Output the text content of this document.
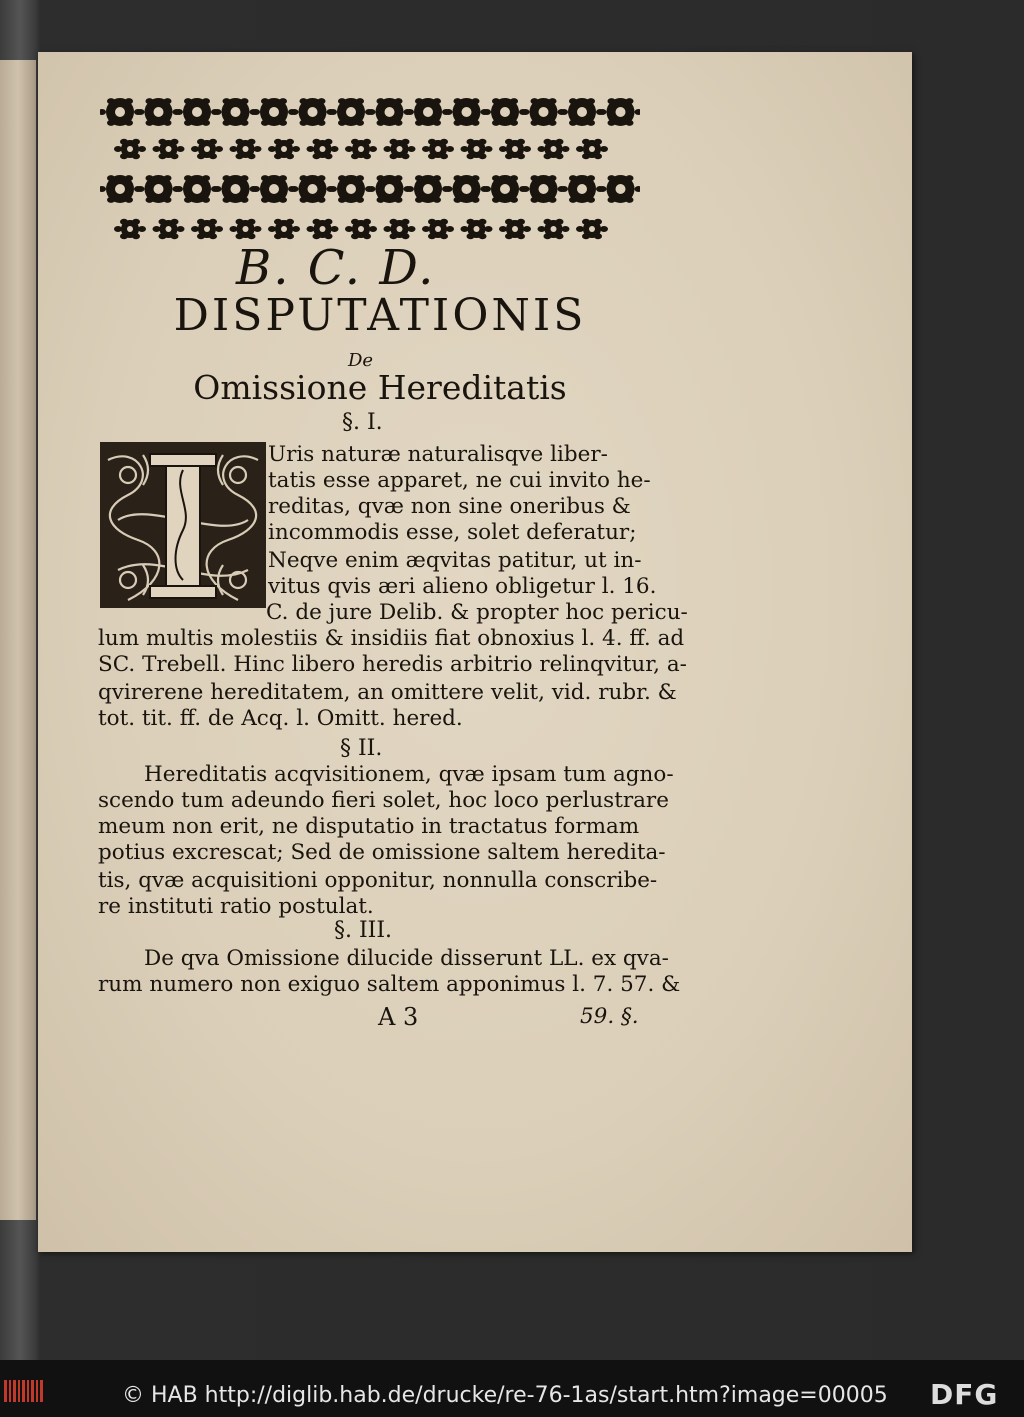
B. C. D.
DISPUTATIONIS
De
Omissione Hereditatis
§. I.
Uris naturæ naturalisqve liber-
tatis esse apparet, ne cui invito he-
reditas, qvæ non sine oneribus &
incommodis esse, solet deferatur;
Neqve enim æqvitas patitur, ut in-
vitus qvis æri alieno obligetur l. 16.
C. de jure Delib. & propter hoc pericu-
lum multis molestiis & insidiis fiat obnoxius l. 4. ff. ad
SC. Trebell. Hinc libero heredis arbitrio relinqvitur, a-
qvirerene hereditatem, an omittere velit, vid. rubr. &
tot. tit. ff. de Acq. l. Omitt. hered.
§ II.
Hereditatis acqvisitionem, qvæ ipsam tum agno-
scendo tum adeundo fieri solet, hoc loco perlustrare
meum non erit, ne disputatio in tractatus formam
potius excrescat; Sed de omissione saltem heredita-
tis, qvæ acquisitioni opponitur, nonnulla conscribe-
re instituti ratio postulat.
§. III.
De qva Omissione dilucide disserunt LL. ex qva-
rum numero non exiguo saltem apponimus l. 7. 57. &
A 3	59. §.
© HAB http://diglib.hab.de/drucke/re-76-1as/start.htm?image=00005 DFG
